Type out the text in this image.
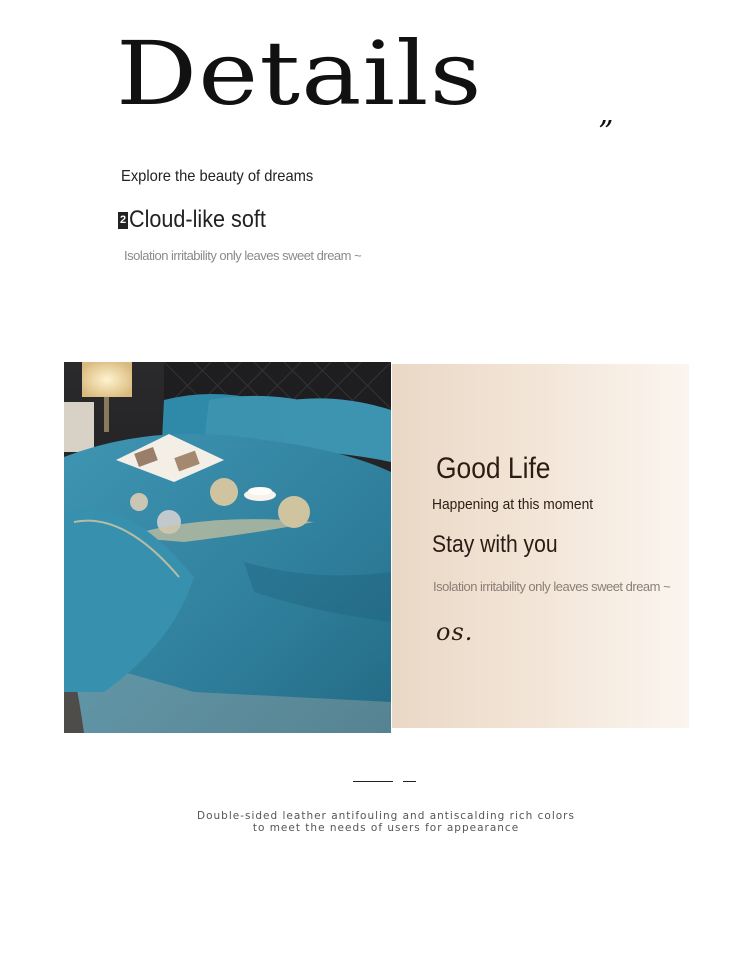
Details
”
Explore the beauty of dreams
2 Cloud-like soft
Isolation irritability only leaves sweet dream ~
Good Life
Happening at this moment
Stay with you
Isolation irritability only leaves sweet dream ~
os.
Double-sided leather antifouling and antiscalding rich colors
to meet the needs of users for appearance
